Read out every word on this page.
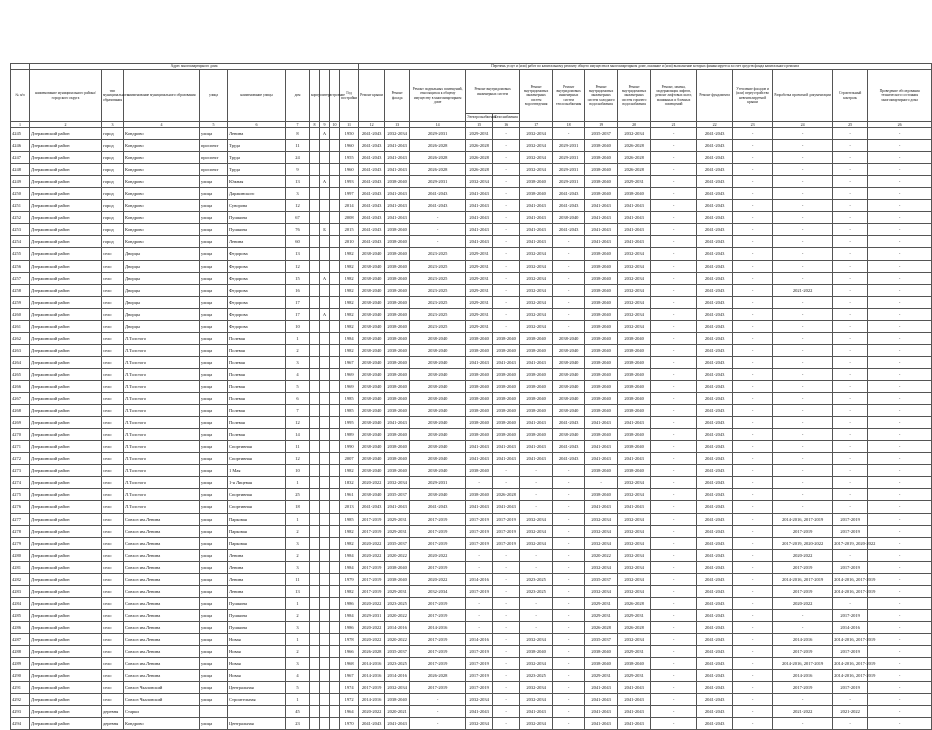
	Адрес многоквартирного дома										Перечень услуг и (или) работ по капитальному ремонту общего имущества в многоквартирном доме, оказание и (или) выполнение которых финансируется за счет средств фонда капитального ремонта														
№ п/п	наименование муниципального района/городского округа	тип муниципального образования	наименование муниципального образования	улица	наименование улицы	дом	корпус	литера	строение	Год постройки	Ремонт крыши	Ремонт фасада	Ремонт подвальных помещений, относящихся к общему имуществу в многоквартирном доме	Ремонт внутридомовых инженерных систем		Ремонт внутридомовых инженерных систем водоотведения	Ремонт внутридомовых инженерных систем теплоснабжения	Ремонт внутридомовых инженерных систем холодного водоснабжения	Ремонт внутридомовых инженерных систем горячего водоснабжения	Ремонт, замена, модернизация лифтов, ремонт лифтовых шахт, машинных и блочных помещений	Ремонт фундамента	Утепление фасадов и (или) переустройство невентилируемой крыши	Разработка проектной документации	Строительный контроль	Проведение обследования технического состояния многоквартирного дома
														Электроснабжения	Газоснабжения										
1	2	3	4	5	6	7	8	9	10	11	12	13	14	15	16	17	18	19	20	21	22	23	24	25	26
4245	Дзержинский район	город	Кондрово	улица	Ленина	8		А		1950	2041-2043	2032-2034	2029-2031	2029-2031	-	2032-2034	-	2035-2037	2032-2034	-	2041-2043	-	-	-	-
4246	Дзержинский район	город	Кондрово	проспект	Труда	11				1960	2041-2043	2041-2043	2026-2028	2026-2028	-	2032-2034	2029-2031	2038-2040	2026-2028	-	2041-2043	-	-	-	-
4247	Дзержинский район	город	Кондрово	проспект	Труда	24				1955	2041-2043	2041-2043	2026-2028	2026-2028	-	2032-2034	2029-2031	2038-2040	2026-2028	-	2041-2043	-	-	-	-
4248	Дзержинский район	город	Кондрово	проспект	Труда	9				1960	2041-2043	2041-2043	2026-2028	2026-2028	-	2032-2034	2029-2031	2038-2040	2026-2028	-	2041-2043	-	-	-	-
4249	Дзержинский район	город	Кондрово	улица	Южная	13		А		1993	2041-2043	2038-2040	2029-2031	2032-2034	-	2038-2040	2029-2031	2038-2040	2029-2031	-	2041-2043	-	-	-	-
4250	Дзержинский район	город	Кондрово	улица	Даржинского	3				1997	2041-2043	2041-2043	2041-2043	2041-2043	-	2038-2040	2041-2043	2038-2040	2038-2040	-	2041-2043	-	-	-	-
4251	Дзержинский район	город	Кондрово	улица	Суворова	12				2014	2041-2043	2041-2043	2041-2043	2041-2043	-	2041-2043	2041-2043	2041-2043	2041-2043	-	2041-2043	-	-	-	-
4252	Дзержинский район	город	Кондрово	улица	Пушкина	67				2008	2041-2043	2041-2043	-	2041-2043	-	2041-2043	2038-2040	2041-2043	2041-2043	-	2041-2043	-	-	-	-
4253	Дзержинский район	город	Кондрово	улица	Пушкина	76		Б		2015	2041-2043	2038-2040	-	2041-2043	-	2041-2043	2041-2043	2041-2043	2041-2043	-	2041-2043	-	-	-	-
4254	Дзержинский район	город	Кондрово	улица	Ленина	60				2010	2041-2043	2038-2040	-	2041-2043	-	2041-2043	-	2041-2043	2041-2043	-	2041-2043	-	-	-	-
4255	Дзержинский район	село	Дворцы	улица	Федорова	13				1982	2038-2040	2038-2040	2023-2025	2029-2031	-	2032-2034	-	2038-2040	2032-2034	-	2041-2043	-	-	-	-
4256	Дзержинский район	село	Дворцы	улица	Федорова	12				1982	2038-2040	2038-2040	2023-2025	2029-2031	-	2032-2034	-	2038-2040	2032-2034	-	2041-2043	-	-	-	-
4257	Дзержинский район	село	Дворцы	улица	Федорова	15		А		1982	2038-2040	2038-2040	2023-2025	2029-2031	-	2032-2034	-	2038-2040	2032-2034	-	2041-2043	-	-	-	-
4258	Дзержинский район	село	Дворцы	улица	Федорова	16				1982	2038-2040	2038-2040	2023-2025	2029-2031	-	2032-2034	-	2038-2040	2032-2034	-	2041-2043	-	2021-2022	-	-
4259	Дзержинский район	село	Дворцы	улица	Федорова	17				1982	2038-2040	2038-2040	2023-2025	2029-2031	-	2032-2034	-	2038-2040	2032-2034	-	2041-2043	-	-	-	-
4260	Дзержинский район	село	Дворцы	улица	Федорова	17		А		1982	2038-2040	2038-2040	2023-2025	2029-2031	-	2032-2034	-	2038-2040	2032-2034	-	2041-2043	-	-	-	-
4261	Дзержинский район	село	Дворцы	улица	Федорова	10				1982	2038-2040	2038-2040	2023-2025	2029-2031	-	2032-2034	-	2038-2040	2032-2034	-	2041-2043	-	-	-	-
4262	Дзержинский район	село	Л.Толстого	улица	Полевая	1				1984	2038-2040	2038-2040	2038-2040	2038-2040	2038-2040	2038-2040	2038-2040	2038-2040	2038-2040	-	2041-2043	-	-	-	-
4263	Дзержинский район	село	Л.Толстого	улица	Полевая	2				1982	2038-2040	2038-2040	2038-2040	2038-2040	2038-2040	2038-2040	2038-2040	2038-2040	2038-2040	-	2041-2043	-	-	-	-
4264	Дзержинский район	село	Л.Толстого	улица	Полевая	3				1967	2038-2040	2038-2040	2038-2040	2041-2043	2041-2043	2041-2043	2038-2040	2038-2040	2038-2040	-	2041-2043	-	-	-	-
4265	Дзержинский район	село	Л.Толстого	улица	Полевая	4				1969	2038-2040	2038-2040	2038-2040	2038-2040	2038-2040	2038-2040	2038-2040	2038-2040	2038-2040	-	2041-2043	-	-	-	-
4266	Дзержинский район	село	Л.Толстого	улица	Полевая	5				1969	2038-2040	2038-2040	2038-2040	2038-2040	2038-2040	2038-2040	2038-2040	2038-2040	2038-2040	-	2041-2043	-	-	-	-
4267	Дзержинский район	село	Л.Толстого	улица	Полевая	6				1985	2038-2040	2038-2040	2038-2040	2038-2040	2038-2040	2038-2040	2038-2040	2038-2040	2038-2040	-	2041-2043	-	-	-	-
4268	Дзержинский район	село	Л.Толстого	улица	Полевая	7				1985	2038-2040	2038-2040	2038-2040	2038-2040	2038-2040	2038-2040	2038-2040	2038-2040	2038-2040	-	2041-2043	-	-	-	-
4269	Дзержинский район	село	Л.Толстого	улица	Полевая	12				1995	2038-2040	2041-2043	2038-2040	2038-2040	2038-2040	2041-2043	2041-2043	2041-2043	2041-2043	-	2041-2043	-	-	-	-
4270	Дзержинский район	село	Л.Толстого	улица	Полевая	14				1989	2038-2040	2038-2040	2038-2040	2038-2040	2038-2040	2038-2040	2038-2040	2038-2040	2038-2040	-	2041-2043	-	-	-	-
4271	Дзержинский район	село	Л.Толстого	улица	Спортивная	11				1990	2038-2040	2038-2040	2038-2040	2041-2043	2041-2043	2041-2043	2041-2043	2041-2043	2038-2040	-	2041-2043	-	-	-	-
4272	Дзержинский район	село	Л.Толстого	улица	Спортивная	12				2007	2038-2040	2038-2040	2038-2040	2041-2043	2041-2043	2041-2043	2041-2043	2041-2043	2041-2043	-	2041-2043	-	-	-	-
4273	Дзержинский район	село	Л.Толстого	улица	1 Мая	10				1982	2038-2040	2038-2040	2038-2040	2038-2040	-	-	-	2038-2040	2038-2040	-	2041-2043	-	-	-	-
4274	Дзержинский район	село	Л.Толстого	улица	1-я Лицевая	1				1832	2020-2022	2032-2034	2029-2031	-	-	-	-	-	2032-2034	-	2041-2043	-	-	-	-
4275	Дзержинский район	село	Л.Толстого	улица	Спортивная	25				1961	2038-2040	2035-2037	2038-2040	2038-2040	2026-2028	-	-	2038-2040	2032-2034	-	2041-2043	-	-	-	-
4276	Дзержинский район	село	Л.Толстого	улица	Спортивная	18				2013	2041-2043	2041-2043	2041-2043	2041-2043	2041-2043	-	-	2041-2043	2041-2043	-	2041-2043	-	-	-	-
4277	Дзержинский район	село	Совхоз им.Ленина	улица	Парковая	1				1985	2017-2019	2029-2031	2017-2019	2017-2019	2017-2019	2032-2034	-	2032-2034	2032-2034	-	2041-2043	-	2014-2016, 2017-2019	2017-2019	-
4278	Дзержинский район	село	Совхоз им.Ленина	улица	Парковая	2				1982	2017-2019	2029-2031	2017-2019	2017-2019	2017-2019	2032-2034	-	2032-2034	2032-2034	-	2041-2043	-	2017-2019	2017-2019	-
4279	Дзержинский район	село	Совхоз им.Ленина	улица	Парковая	3				1982	2020-2022	2035-2037	2017-2019	2017-2019	2017-2019	2032-2034	-	2032-2034	2032-2034	-	2041-2043	-	2017-2019, 2020-2022	2017-2019, 2020-2022	-
4280	Дзержинский район	село	Совхоз им.Ленина	улица	Ленина	2				1984	2020-2022	2020-2022	2020-2022	-	-	-	-	2020-2022	2032-2034	-	2041-2043	-	2020-2022	-	-
4281	Дзержинский район	село	Совхоз им.Ленина	улица	Ленина	3				1984	2017-2019	2038-2040	2017-2019	-	-	-	-	2032-2034	2032-2034	-	2041-2043	-	2017-2019	2017-2019	-
4282	Дзержинский район	село	Совхоз им.Ленина	улица	Ленина	11				1979	2017-2019	2038-2040	2020-2022	2014-2016	-	2023-2025	-	2035-2037	2032-2034	-	2041-2043	-	2014-2016, 2017-2019	2014-2016, 2017-2019	-
4283	Дзержинский район	село	Совхоз им.Ленина	улица	Ленина	13				1982	2017-2019	2029-2031	2032-2034	2017-2019	-	2023-2025	-	2032-2034	2032-2034	-	2041-2043	-	2017-2019	2014-2016, 2017-2019	-
4284	Дзержинский район	село	Совхоз им.Ленина	улица	Пушкина	1				1986	2020-2022	2023-2025	2017-2019	-	-	-	-	2029-2031	2026-2028	-	2041-2043	-	2020-2022	-	-
4285	Дзержинский район	село	Совхоз им.Ленина	улица	Пушкина	2				1984	2029-2031	2020-2022	2017-2019	-	-	-	-	2029-2031	2029-2031	-	2041-2043	-	-	2017-2019	-
4286	Дзержинский район	село	Совхоз им.Ленина	улица	Пушкина	3				1986	2020-2022	2014-2016	2014-2016	-	-	-	-	2026-2028	2026-2028	-	2041-2043	-	-	2014-2016	-
4287	Дзержинский район	село	Совхоз им.Ленина	улица	Новая	1				1978	2020-2022	2020-2022	2017-2019	2014-2016	-	2032-2034	-	2035-2037	2032-2034	-	2041-2043	-	2014-2016	2014-2016, 2017-2019	-
4288	Дзержинский район	село	Совхоз им.Ленина	улица	Новая	2				1966	2026-2028	2035-2037	2017-2019	2017-2019	-	2038-2040	-	2038-2040	2029-2031	-	2041-2043	-	2017-2019	2017-2019	-
4289	Дзержинский район	село	Совхоз им.Ленина	улица	Новая	3				1968	2014-2016	2023-2025	2017-2019	2017-2019	-	2032-2034	-	2038-2040	2038-2040	-	2041-2043	-	2014-2016, 2017-2019	2014-2016, 2017-2019	-
4290	Дзержинский район	село	Совхоз им.Ленина	улица	Новая	4				1967	2014-2016	2014-2016	2026-2028	2017-2019	-	2023-2025	-	2029-2031	2029-2031	-	2041-2043	-	2014-2016	2014-2016, 2017-2019	-
4291	Дзержинский район	село	Совхоз Чкаловский	улица	Центральная	5				1974	2017-2019	2032-2034	2017-2019	2017-2019	-	2032-2034	-	2041-2043	2041-2043	-	2041-2043	-	2017-2019	2017-2019	-
4292	Дзержинский район	село	Совхоз Чкаловский	улица	Строительная	1				1972	2014-2016	2038-2040	-	2032-2034	-	2032-2034	-	2041-2043	2041-2043	-	2041-2043	-	-	-	-
4293	Дзержинский район	деревня	Старки			45				1964	2020-2022	2020-2021	-	2041-2043	-	2041-2043	-	2041-2043	2041-2043	-	2041-2043	-	2021-2022	2021-2022	-
4294	Дзержинский район	деревня	Кондрово	улица	Центральная	23				1970	2041-2043	2041-2043	-	2032-2034	-	2032-2034	-	2041-2043	2041-2043	-	2041-2043	-	-	-	-
